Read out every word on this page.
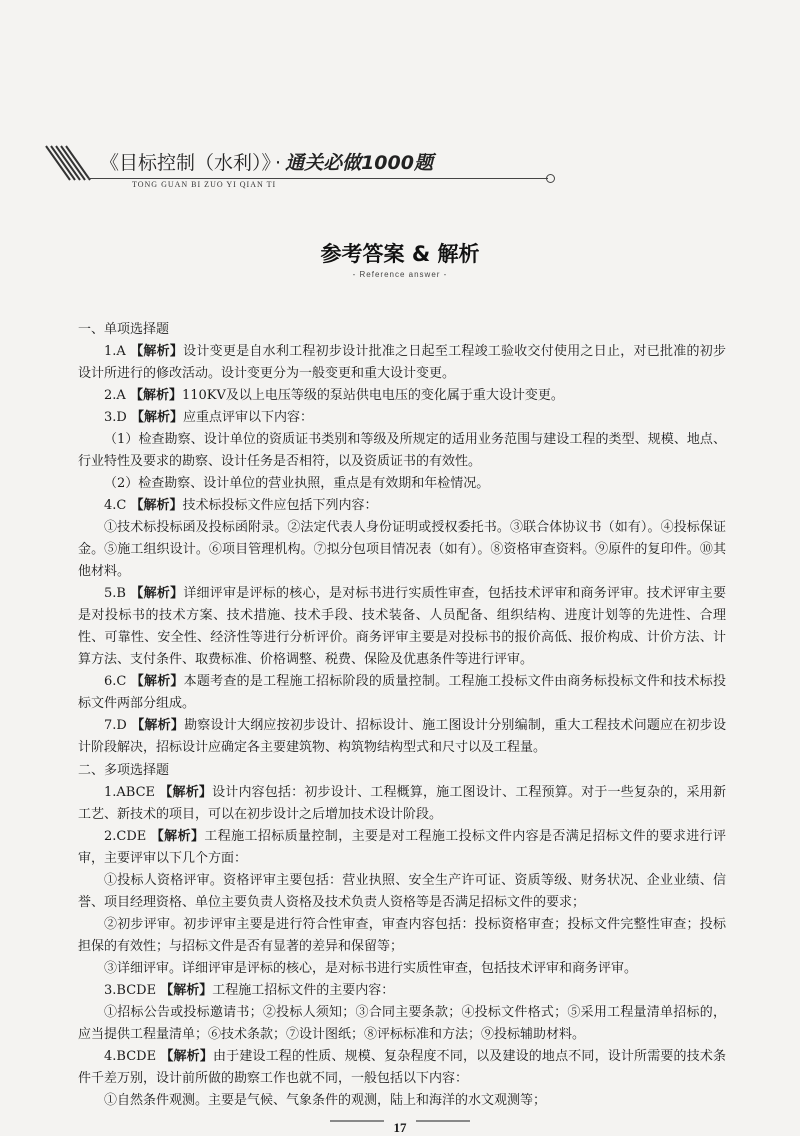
《目标控制（水利）》 · 通关必做1000题
TONG GUAN BI ZUO YI QIAN TI
参考答案 & 解析
- Reference answer -

一、单项选择题

1.A 【解析】设计变更是自水利工程初步设计批准之日起至工程竣工验收交付使用之日止，对已批准的初步设计所进行的修改活动。设计变更分为一般变更和重大设计变更。

2.A 【解析】110KV及以上电压等级的泵站供电电压的变化属于重大设计变更。

3.D 【解析】应重点评审以下内容：

（1）检查勘察、设计单位的资质证书类别和等级及所规定的适用业务范围与建设工程的类型、规模、地点、行业特性及要求的勘察、设计任务是否相符，以及资质证书的有效性。

（2）检查勘察、设计单位的营业执照，重点是有效期和年检情况。

4.C 【解析】技术标投标文件应包括下列内容：

①技术标投标函及投标函附录。②法定代表人身份证明或授权委托书。③联合体协议书（如有）。④投标保证金。⑤施工组织设计。⑥项目管理机构。⑦拟分包项目情况表（如有）。⑧资格审查资料。⑨原件的复印件。⑩其他材料。

5.B 【解析】详细评审是评标的核心，是对标书进行实质性审查，包括技术评审和商务评审。技术评审主要是对投标书的技术方案、技术措施、技术手段、技术装备、人员配备、组织结构、进度计划等的先进性、合理性、可靠性、安全性、经济性等进行分析评价。商务评审主要是对投标书的报价高低、报价构成、计价方法、计算方法、支付条件、取费标准、价格调整、税费、保险及优惠条件等进行评审。

6.C 【解析】本题考查的是工程施工招标阶段的质量控制。工程施工投标文件由商务标投标文件和技术标投标文件两部分组成。

7.D 【解析】勘察设计大纲应按初步设计、招标设计、施工图设计分别编制，重大工程技术问题应在初步设计阶段解决，招标设计应确定各主要建筑物、构筑物结构型式和尺寸以及工程量。

二、多项选择题

1.ABCE 【解析】设计内容包括：初步设计、工程概算，施工图设计、工程预算。对于一些复杂的，采用新工艺、新技术的项目，可以在初步设计之后增加技术设计阶段。

2.CDE 【解析】工程施工招标质量控制，主要是对工程施工投标文件内容是否满足招标文件的要求进行评审，主要评审以下几个方面：

①投标人资格评审。资格评审主要包括：营业执照、安全生产许可证、资质等级、财务状况、企业业绩、信誉、项目经理资格、单位主要负责人资格及技术负责人资格等是否满足招标文件的要求；

②初步评审。初步评审主要是进行符合性审查，审查内容包括：投标资格审查；投标文件完整性审查；投标担保的有效性；与招标文件是否有显著的差异和保留等；

③详细评审。详细评审是评标的核心，是对标书进行实质性审查，包括技术评审和商务评审。

3.BCDE 【解析】工程施工招标文件的主要内容：

①招标公告或投标邀请书；②投标人须知；③合同主要条款；④投标文件格式；⑤采用工程量清单招标的，应当提供工程量清单；⑥技术条款；⑦设计图纸；⑧评标标准和方法；⑨投标辅助材料。

4.BCDE 【解析】由于建设工程的性质、规模、复杂程度不同，以及建设的地点不同，设计所需要的技术条件千差万别，设计前所做的勘察工作也就不同，一般包括以下内容：

①自然条件观测。主要是气候、气象条件的观测，陆上和海洋的水文观测等；

17
